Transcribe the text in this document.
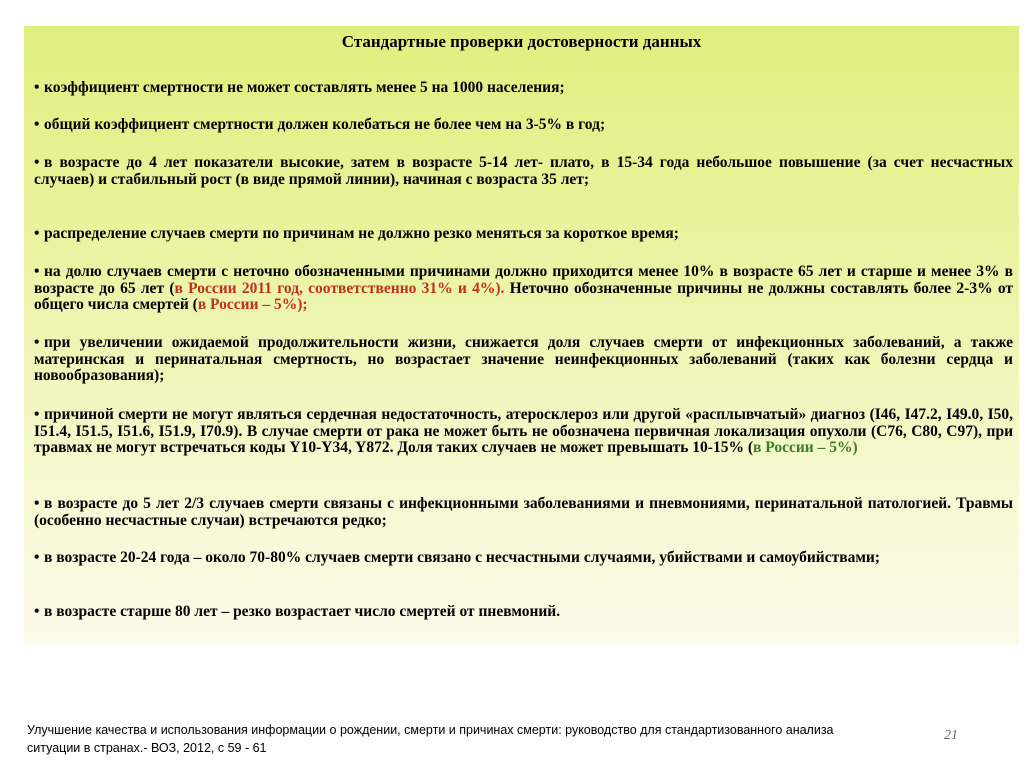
Стандартные проверки достоверности данных

• коэффициент смертности не может составлять менее 5 на 1000 населения;

• общий коэффициент смертности должен колебаться не более чем на 3-5% в год;

• в возрасте до 4 лет показатели высокие, затем в возрасте 5-14 лет- плато, в 15-34 года небольшое повышение (за счет несчастных случаев) и стабильный рост (в виде прямой линии), начиная с возраста 35 лет;

• распределение случаев смерти по причинам не должно резко меняться за короткое время;

• на долю случаев смерти с неточно обозначенными причинами должно приходится менее 10% в возрасте 65 лет и старше и менее 3% в возрасте до 65 лет (в России 2011 год, соответственно 31% и 4%). Неточно обозначенные причины не должны составлять более 2-3% от общего числа смертей (в России – 5%);

• при увеличении ожидаемой продолжительности жизни, снижается доля случаев смерти от инфекционных заболеваний, а также материнская и перинатальная смертность, но возрастает значение неинфекционных заболеваний (таких как болезни сердца и новообразования);

• причиной смерти не могут являться сердечная недостаточность, атеросклероз или другой «расплывчатый» диагноз (I46, I47.2, I49.0, I50, I51.4, I51.5, I51.6, I51.9, I70.9). В случае смерти от рака не может быть не обозначена первичная локализация опухоли (C76, C80, C97), при травмах не могут встречаться коды Y10-Y34, Y872. Доля таких случаев не может превышать 10-15% (в России – 5%)

• в возрасте до 5 лет 2/3 случаев смерти связаны с инфекционными заболеваниями и пневмониями, перинатальной патологией. Травмы (особенно несчастные случаи) встречаются редко;

• в возрасте 20-24 года – около 70-80% случаев смерти связано с несчастными случаями, убийствами и самоубийствами;

• в возрасте старше 80 лет – резко возрастает число смертей от пневмоний.

Улучшение качества и использования информации о рождении, смерти и причинах смерти: руководство для стандартизованного анализа
ситуации в странах.- ВОЗ, 2012, с 59 - 61
21
